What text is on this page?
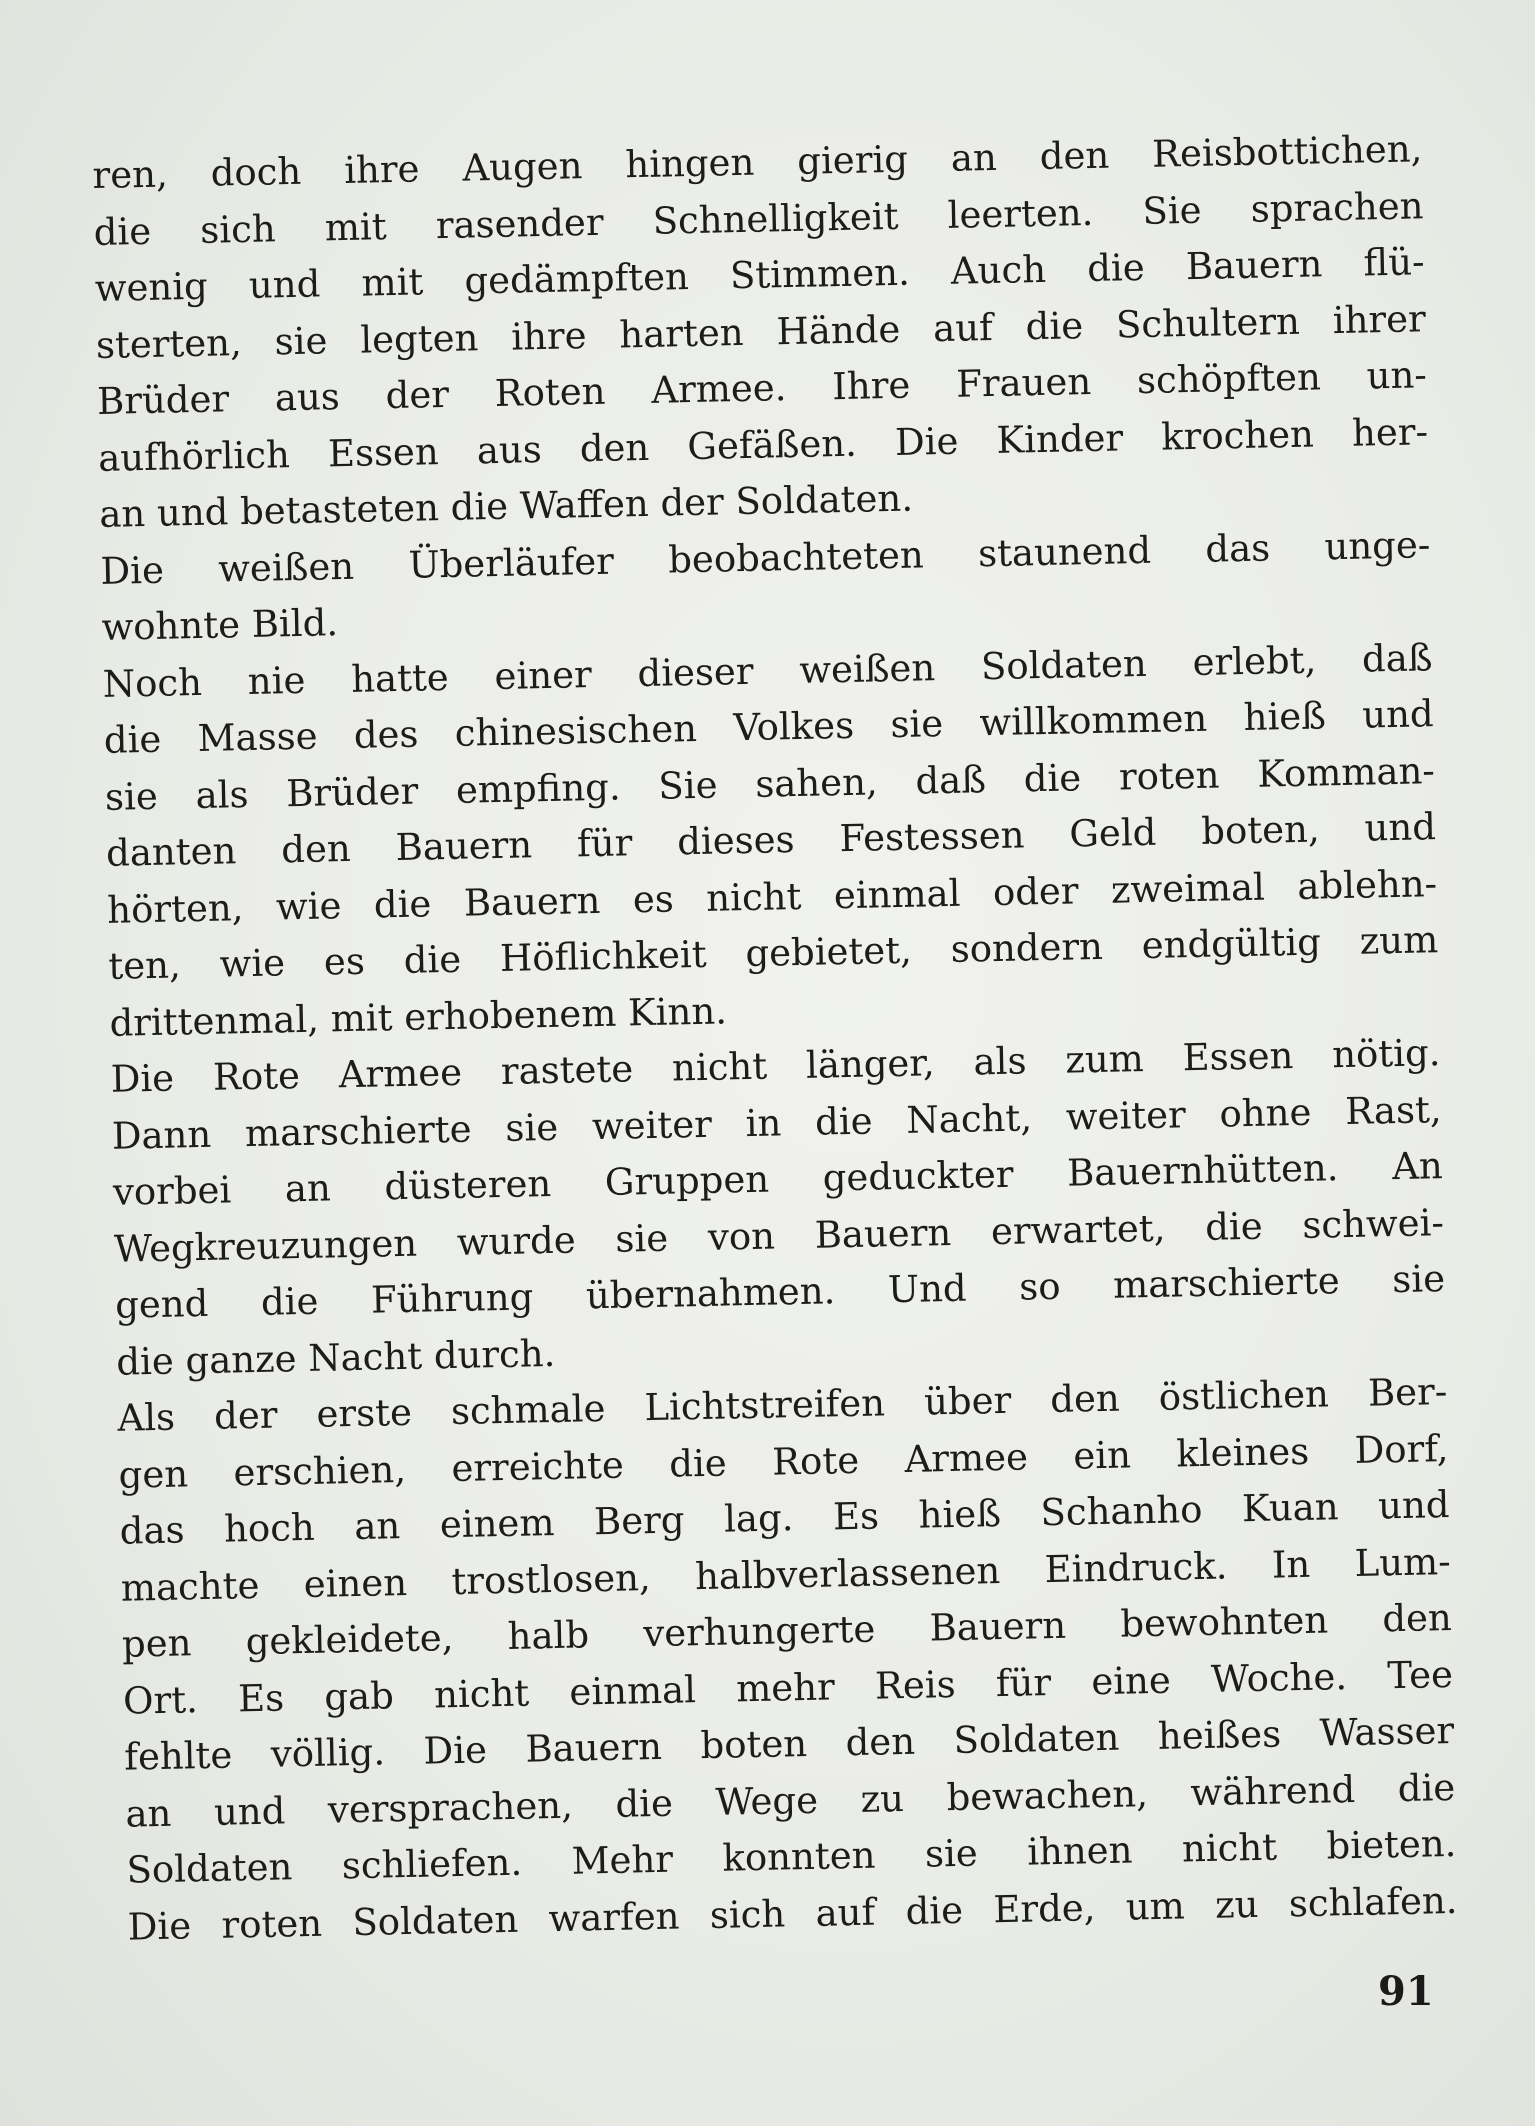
ren, doch ihre Augen hingen gierig an den Reisbottichen,
die sich mit rasender Schnelligkeit leerten. Sie sprachen
wenig und mit gedämpften Stimmen. Auch die Bauern flü-
sterten, sie legten ihre harten Hände auf die Schultern ihrer
Brüder aus der Roten Armee. Ihre Frauen schöpften un-
aufhörlich Essen aus den Gefäßen. Die Kinder krochen her-
an und betasteten die Waffen der Soldaten.
Die weißen Überläufer beobachteten staunend das unge-
wohnte Bild.
Noch nie hatte einer dieser weißen Soldaten erlebt, daß
die Masse des chinesischen Volkes sie willkommen hieß und
sie als Brüder empfing. Sie sahen, daß die roten Komman-
danten den Bauern für dieses Festessen Geld boten, und
hörten, wie die Bauern es nicht einmal oder zweimal ablehn-
ten, wie es die Höflichkeit gebietet, sondern endgültig zum
drittenmal, mit erhobenem Kinn.
Die Rote Armee rastete nicht länger, als zum Essen nötig.
Dann marschierte sie weiter in die Nacht, weiter ohne Rast,
vorbei an düsteren Gruppen geduckter Bauernhütten. An
Wegkreuzungen wurde sie von Bauern erwartet, die schwei-
gend die Führung übernahmen. Und so marschierte sie
die ganze Nacht durch.
Als der erste schmale Lichtstreifen über den östlichen Ber-
gen erschien, erreichte die Rote Armee ein kleines Dorf,
das hoch an einem Berg lag. Es hieß Schanho Kuan und
machte einen trostlosen, halbverlassenen Eindruck. In Lum-
pen gekleidete, halb verhungerte Bauern bewohnten den
Ort. Es gab nicht einmal mehr Reis für eine Woche. Tee
fehlte völlig. Die Bauern boten den Soldaten heißes Wasser
an und versprachen, die Wege zu bewachen, während die
Soldaten schliefen. Mehr konnten sie ihnen nicht bieten.
Die roten Soldaten warfen sich auf die Erde, um zu schlafen.
91
